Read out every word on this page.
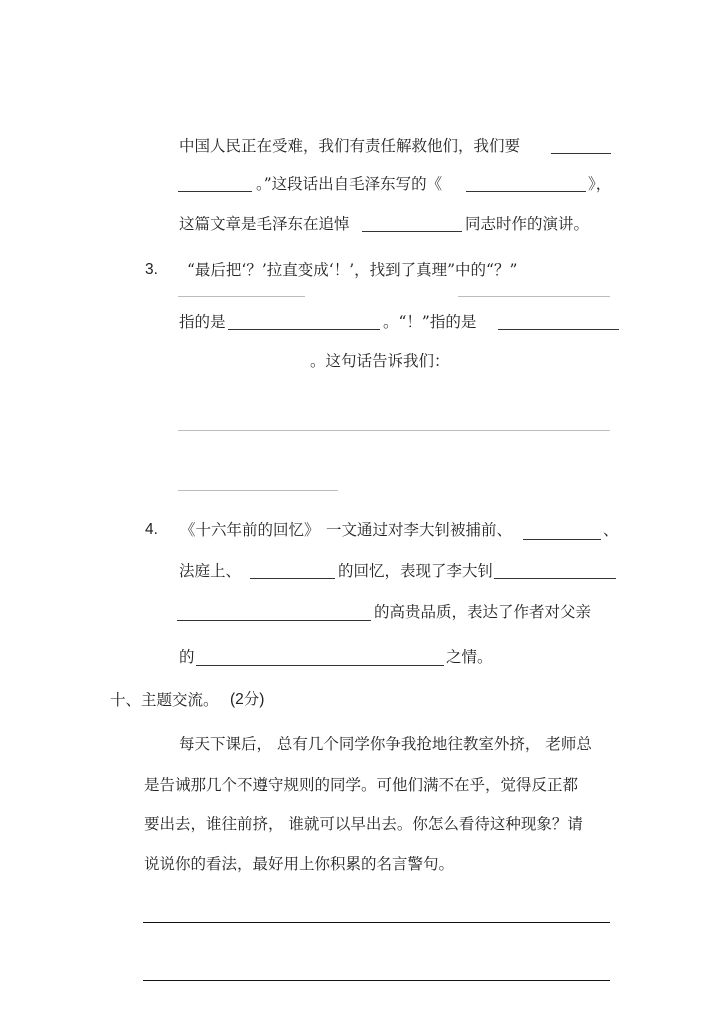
中国人民正在受难，我们有责任解救他们，我们要
。”这段话出自毛泽东写的《	》，
这篇文章是毛泽东在追悼	同志时作的演讲。
3. “最后把‘？’拉直变成‘！’，找到了真理”中的“？”
指的是	。“！”指的是
。这句话告诉我们：
4. 《十六年前的回忆》 一文通过对李大钊被捕前、	、
法庭上、	的回忆，表现了李大钊
的高贵品质，表达了作者对父亲
的	之情。
十、主题交流。 (2分)
每天下课后， 总有几个同学你争我抢地往教室外挤， 老师总
是告诫那几个不遵守规则的同学。可他们满不在乎，觉得反正都
要出去，谁往前挤， 谁就可以早出去。你怎么看待这种现象？请
说说你的看法，最好用上你积累的名言警句。
